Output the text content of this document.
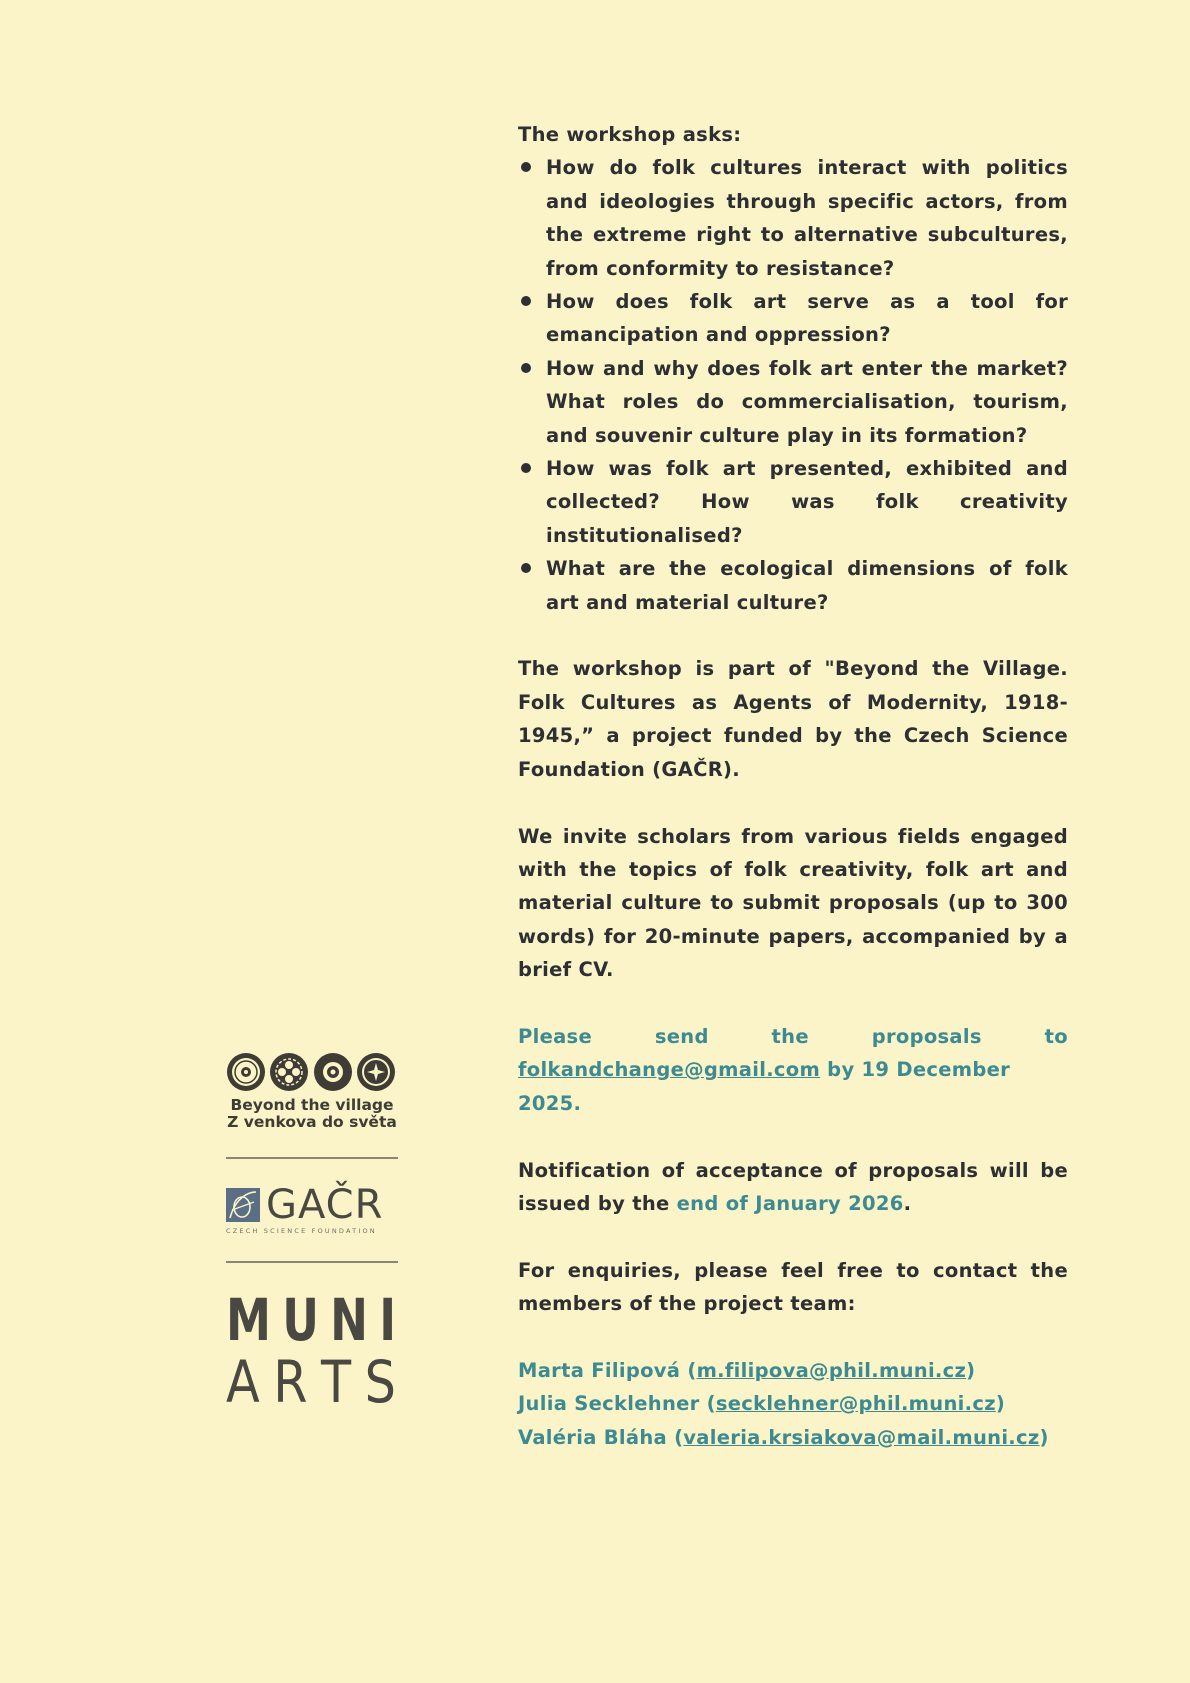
The workshop asks:

How do folk cultures interact with politics and ideologies through specific actors, from the extreme right to alternative subcultures, from conformity to resistance?
How does folk art serve as a tool for emancipation and oppression?
How and why does folk art enter the market? What roles do commercialisation, tourism, and souvenir culture play in its formation?
How was folk art presented, exhibited and collected? How was folk creativity institutionalised?
What are the ecological dimensions of folk art and material culture?

The workshop is part of "Beyond the Village. Folk Cultures as Agents of Modernity, 1918-1945,” a project funded by the Czech Science Foundation (GAČR).

We invite scholars from various fields engaged with the topics of folk creativity, folk art and material culture to submit proposals (up to 300 words) for 20-minute papers, accompanied by a brief CV.

Please	send	the	proposals	to
folkandchange@gmail.com by 19 December 2025.

Notification of acceptance of proposals will be issued by the end of January 2026.

For enquiries, please feel free to contact the members of the project team:

Marta Filipová (m.filipova@phil.muni.cz)
Julia Secklehner (secklehner@phil.muni.cz)
Valéria Bláha (valeria.krsiakova@mail.muni.cz)
Beyond the village
Z venkova do světa
GAČR
CZECH SCIENCE FOUNDATION
M U N I
A R T S
